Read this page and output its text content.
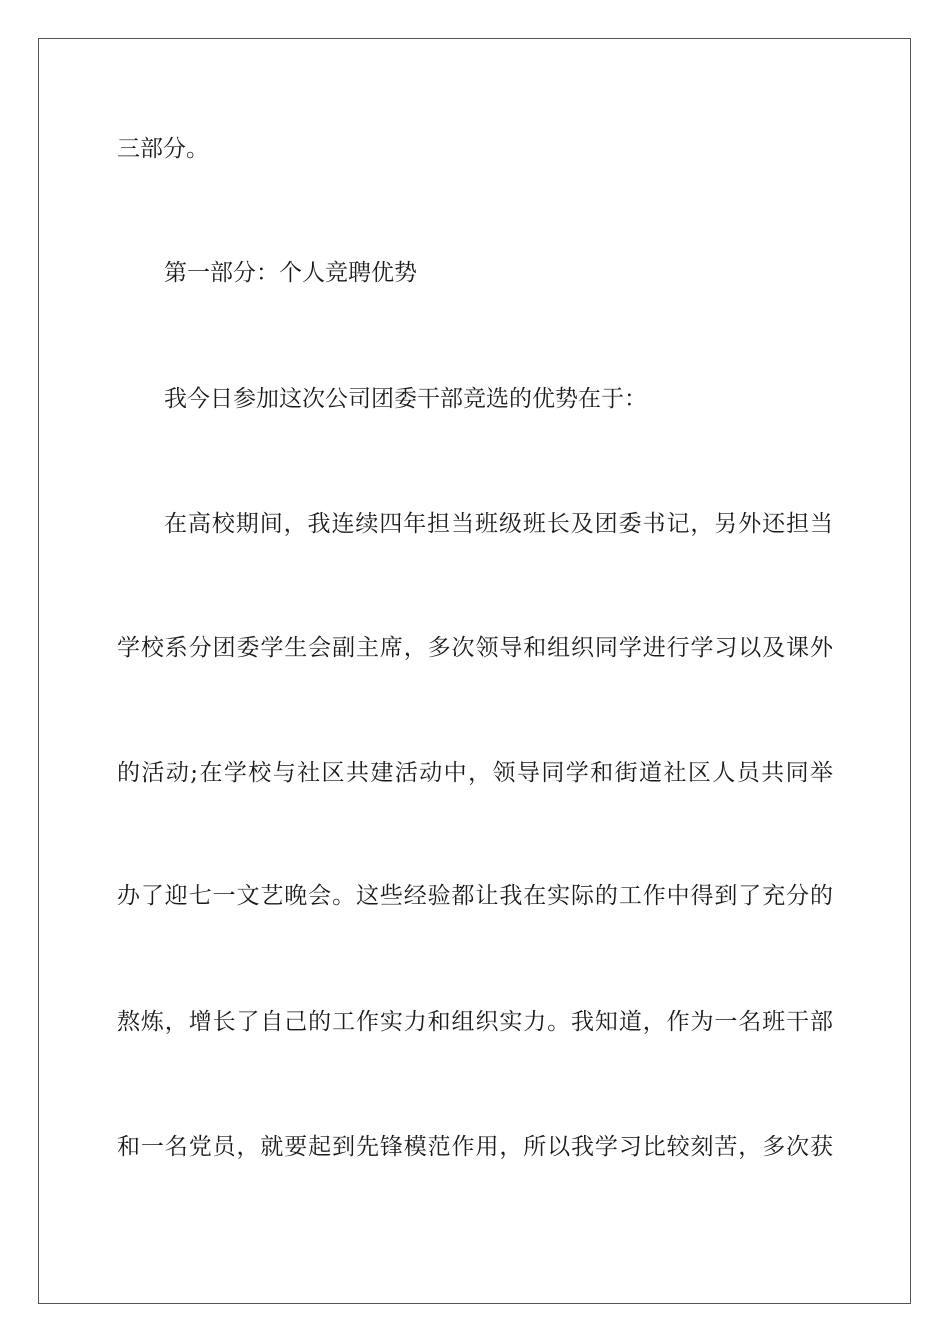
三部分。
第一部分：个人竞聘优势
我今日参加这次公司团委干部竞选的优势在于：
在高校期间，我连续四年担当班级班长及团委书记，另外还担当
学校系分团委学生会副主席，多次领导和组织同学进行学习以及课外
的活动;在学校与社区共建活动中，领导同学和街道社区人员共同举
办了迎七一文艺晚会。这些经验都让我在实际的工作中得到了充分的
熬炼，增长了自己的工作实力和组织实力。我知道，作为一名班干部
和一名党员，就要起到先锋模范作用，所以我学习比较刻苦，多次获
